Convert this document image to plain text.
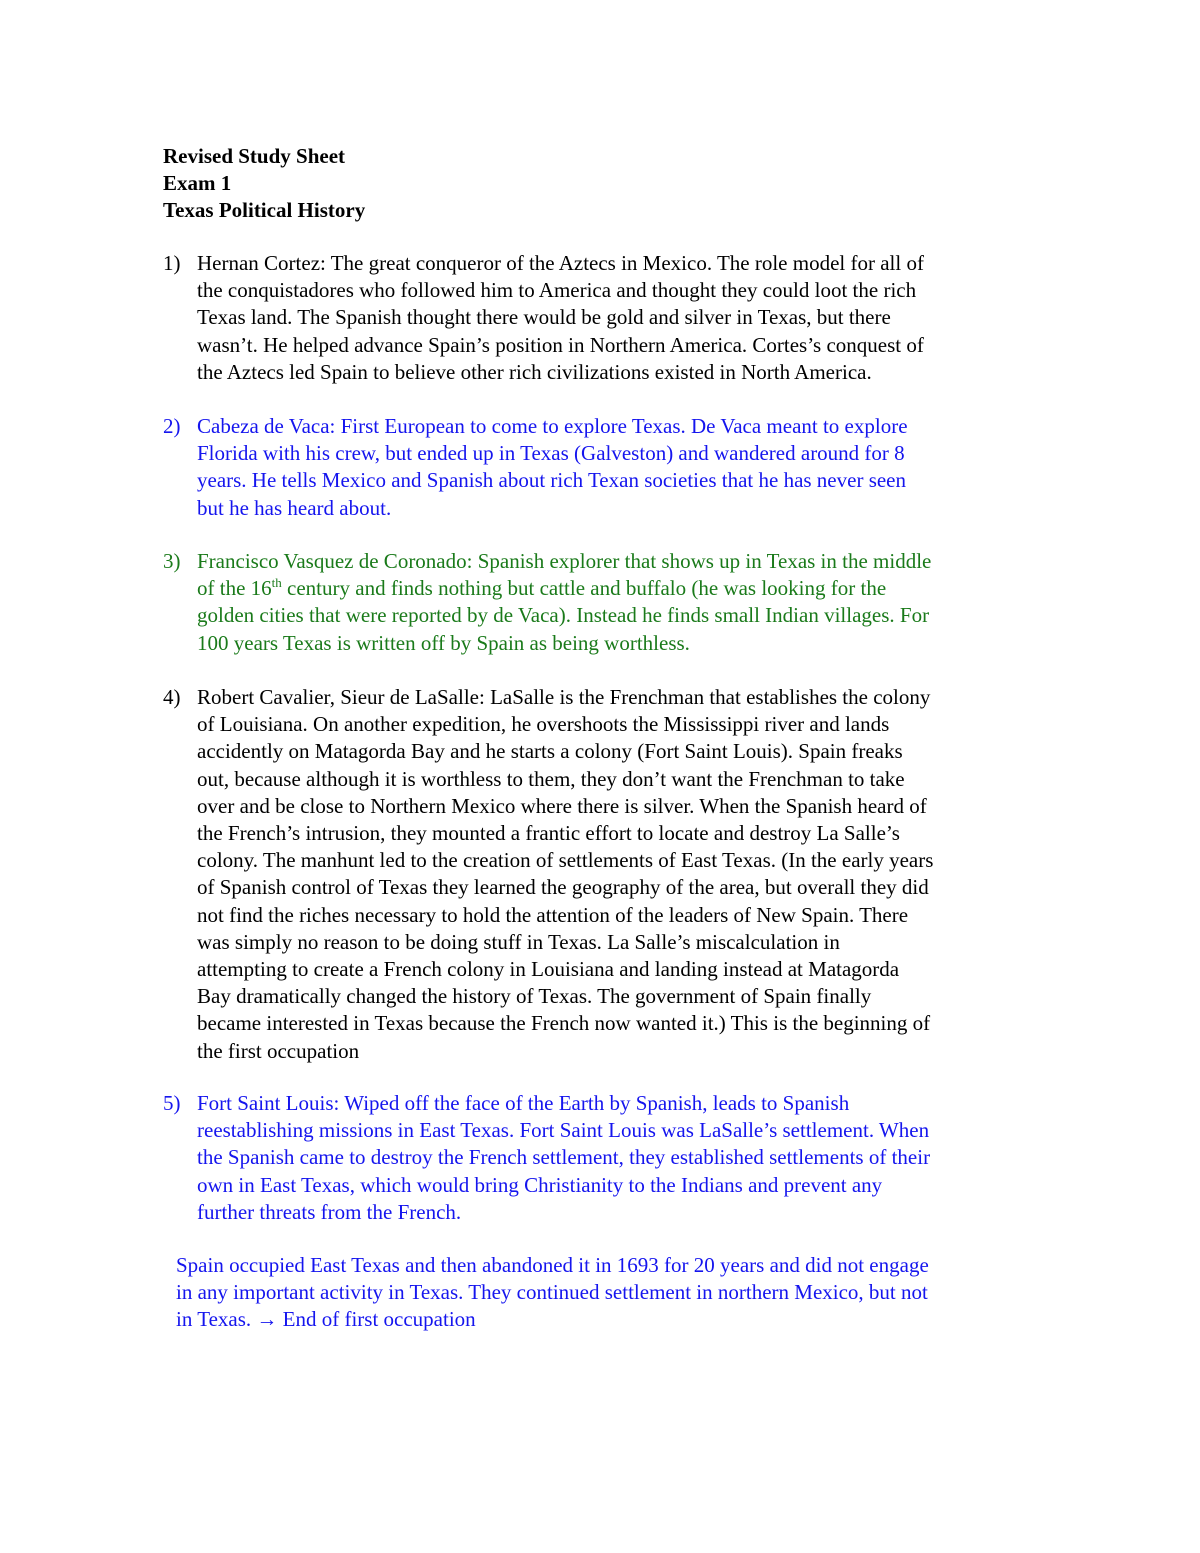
Revised Study Sheet
Exam 1
Texas Political History
1) Hernan Cortez: The great conqueror of the Aztecs in Mexico. The role model for all of
the conquistadores who followed him to America and thought they could loot the rich
Texas land. The Spanish thought there would be gold and silver in Texas, but there
wasn’t. He helped advance Spain’s position in Northern America. Cortes’s conquest of
the Aztecs led Spain to believe other rich civilizations existed in North America.
2) Cabeza de Vaca: First European to come to explore Texas. De Vaca meant to explore
Florida with his crew, but ended up in Texas (Galveston) and wandered around for 8
years. He tells Mexico and Spanish about rich Texan societies that he has never seen
but he has heard about.
3) Francisco Vasquez de Coronado: Spanish explorer that shows up in Texas in the middle
of the 16th century and finds nothing but cattle and buffalo (he was looking for the
golden cities that were reported by de Vaca). Instead he finds small Indian villages. For
100 years Texas is written off by Spain as being worthless.
4) Robert Cavalier, Sieur de LaSalle: LaSalle is the Frenchman that establishes the colony
of Louisiana. On another expedition, he overshoots the Mississippi river and lands
accidently on Matagorda Bay and he starts a colony (Fort Saint Louis). Spain freaks
out, because although it is worthless to them, they don’t want the Frenchman to take
over and be close to Northern Mexico where there is silver. When the Spanish heard of
the French’s intrusion, they mounted a frantic effort to locate and destroy La Salle’s
colony. The manhunt led to the creation of settlements of East Texas. (In the early years
of Spanish control of Texas they learned the geography of the area, but overall they did
not find the riches necessary to hold the attention of the leaders of New Spain. There
was simply no reason to be doing stuff in Texas. La Salle’s miscalculation in
attempting to create a French colony in Louisiana and landing instead at Matagorda
Bay dramatically changed the history of Texas. The government of Spain finally
became interested in Texas because the French now wanted it.) This is the beginning of
the first occupation
5) Fort Saint Louis: Wiped off the face of the Earth by Spanish, leads to Spanish
reestablishing missions in East Texas. Fort Saint Louis was LaSalle’s settlement. When
the Spanish came to destroy the French settlement, they established settlements of their
own in East Texas, which would bring Christianity to the Indians and prevent any
further threats from the French.
Spain occupied East Texas and then abandoned it in 1693 for 20 years and did not engage
in any important activity in Texas. They continued settlement in northern Mexico, but not
in Texas. → End of first occupation
